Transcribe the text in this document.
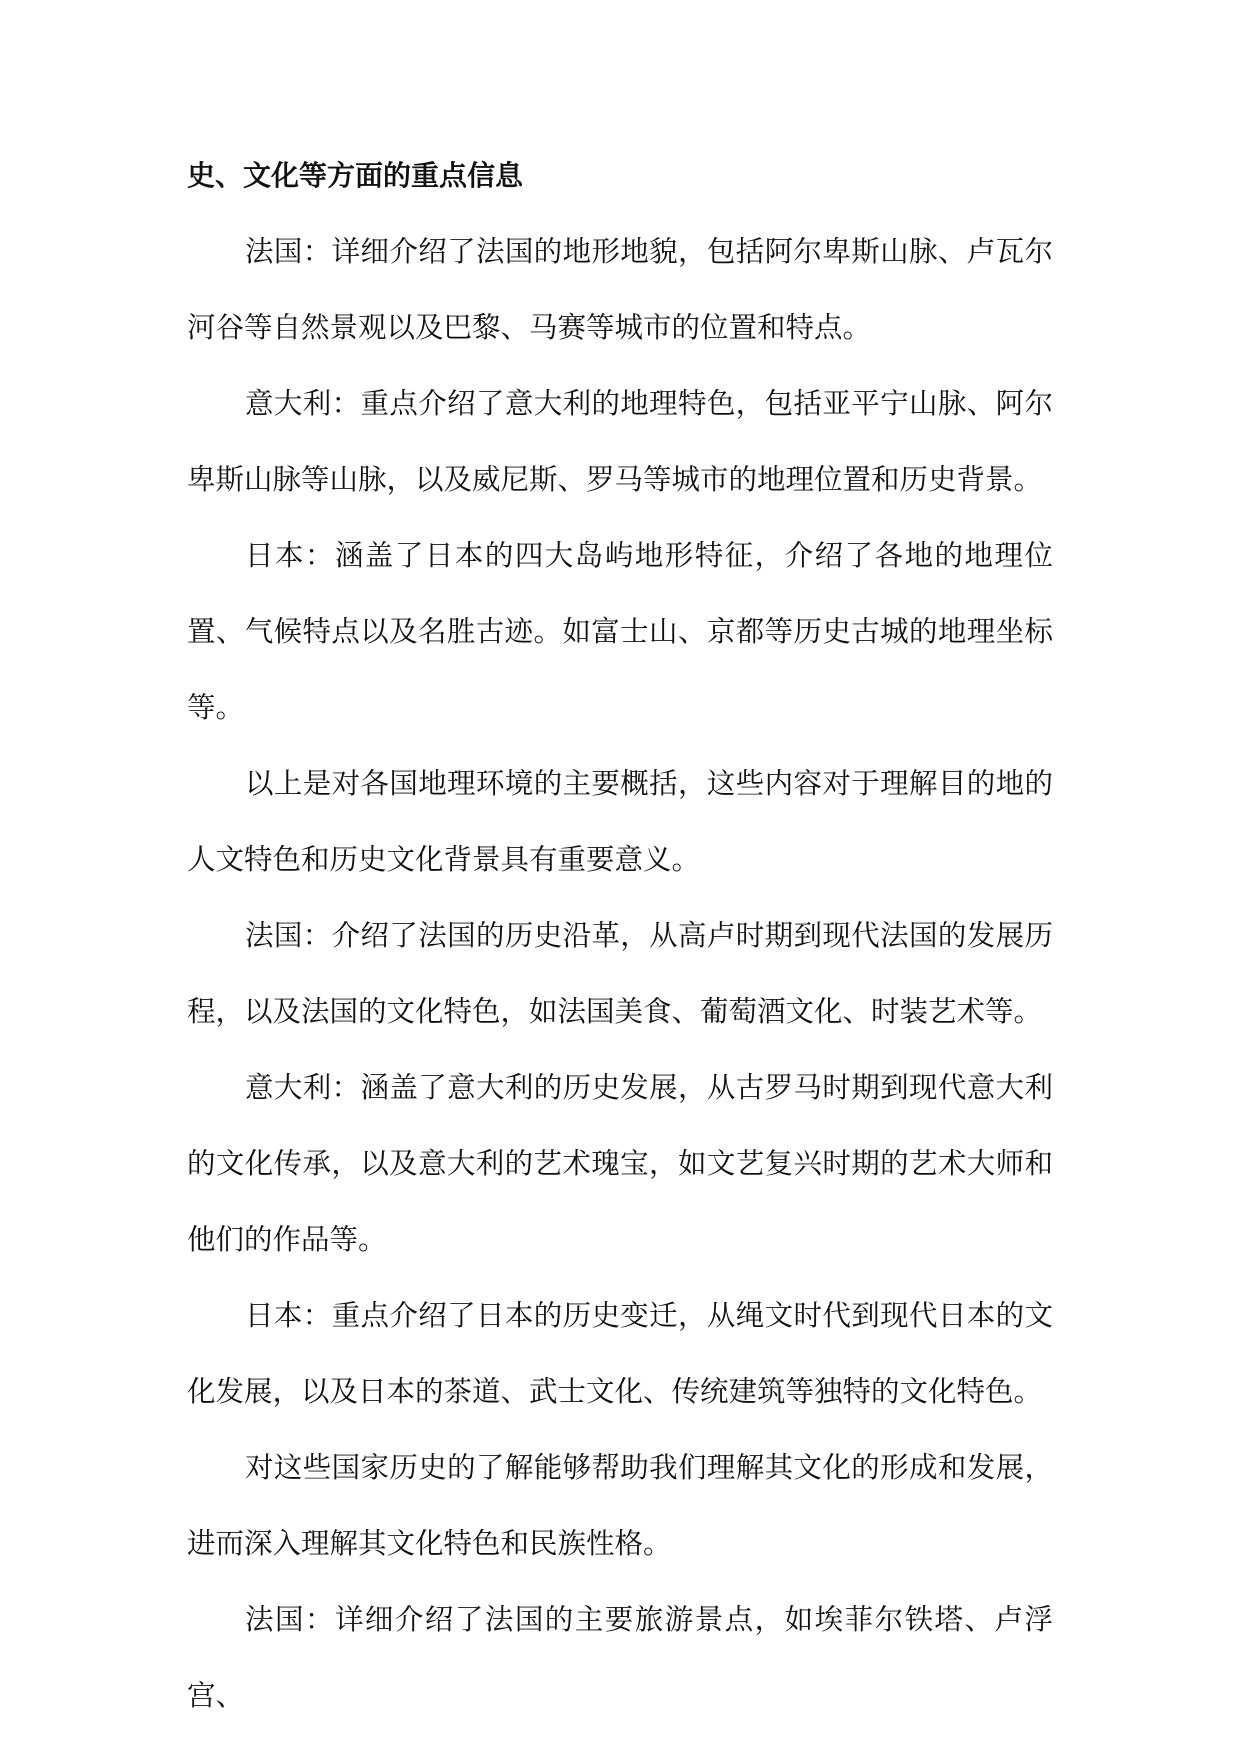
史、文化等方面的重点信息

法国：详细介绍了法国的地形地貌，包括阿尔卑斯山脉、卢瓦尔河谷等自然景观以及巴黎、马赛等城市的位置和特点。

意大利：重点介绍了意大利的地理特色，包括亚平宁山脉、阿尔卑斯山脉等山脉，以及威尼斯、罗马等城市的地理位置和历史背景。

日本：涵盖了日本的四大岛屿地形特征，介绍了各地的地理位置、气候特点以及名胜古迹。如富士山、京都等历史古城的地理坐标等。

以上是对各国地理环境的主要概括，这些内容对于理解目的地的人文特色和历史文化背景具有重要意义。

法国：介绍了法国的历史沿革，从高卢时期到现代法国的发展历程，以及法国的文化特色，如法国美食、葡萄酒文化、时装艺术等。

意大利：涵盖了意大利的历史发展，从古罗马时期到现代意大利的文化传承，以及意大利的艺术瑰宝，如文艺复兴时期的艺术大师和他们的作品等。

日本：重点介绍了日本的历史变迁，从绳文时代到现代日本的文化发展，以及日本的茶道、武士文化、传统建筑等独特的文化特色。

对这些国家历史的了解能够帮助我们理解其文化的形成和发展，进而深入理解其文化特色和民族性格。

法国：详细介绍了法国的主要旅游景点，如埃菲尔铁塔、卢浮宫、
